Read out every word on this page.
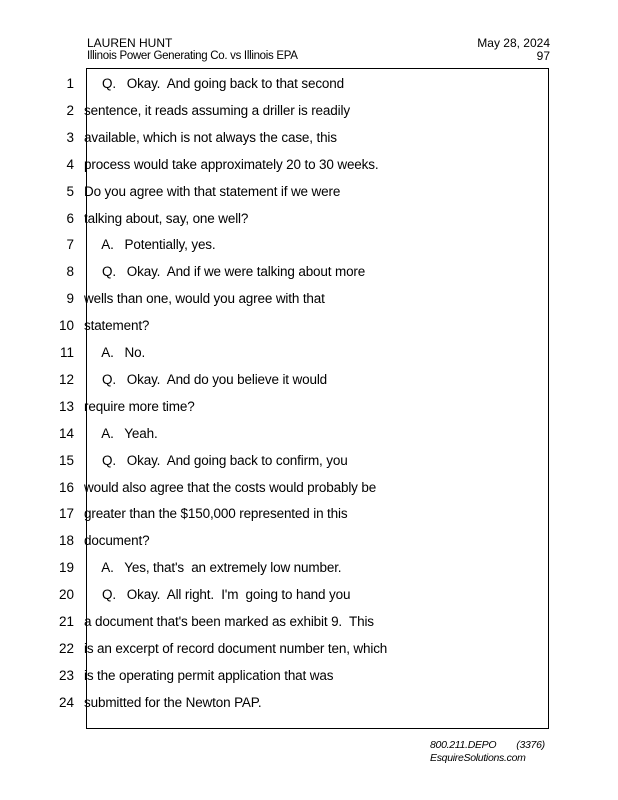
LAUREN HUNT
Illinois Power Generating Co. vs Illinois EPA
May 28, 2024
97
1 Q.   Okay.  And going back to that second
2 sentence, it reads assuming a driller is readily
3 available, which is not always the case, this
4 process would take approximately 20 to 30 weeks.
5 Do you agree with that statement if we were
6 talking about, say, one well?
7 A.   Potentially, yes.
8 Q.   Okay.  And if we were talking about more
9 wells than one, would you agree with that
10 statement?
11 A.   No.
12 Q.   Okay.  And do you believe it would
13 require more time?
14 A.   Yeah.
15 Q.   Okay.  And going back to confirm, you
16 would also agree that the costs would probably be
17 greater than the $150,000 represented in this
18 document?
19 A.   Yes, that's  an extremely low number.
20 Q.   Okay.  All right.  I'm  going to hand you
21 a document that's been marked as exhibit 9.  This
22 is an excerpt of record document number ten, which
23 is the operating permit application that was
24 submitted for the Newton PAP.
800.211.DEPO (3376)
EsquireSolutions.com
